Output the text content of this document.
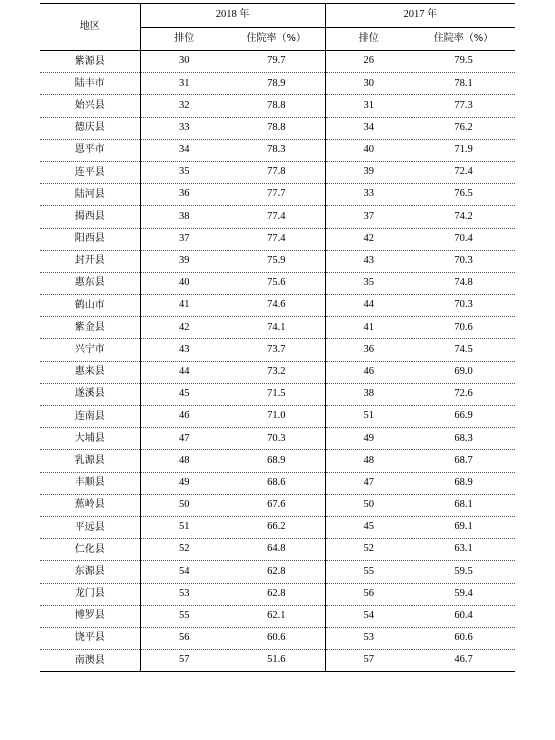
地区	2018 年		2017 年	
	排位	住院率（%）	排位	住院率（%）
紫源县	30	79.7	26	79.5
陆丰市	31	78.9	30	78.1
始兴县	32	78.8	31	77.3
德庆县	33	78.8	34	76.2
恩平市	34	78.3	40	71.9
连平县	35	77.8	39	72.4
陆河县	36	77.7	33	76.5
揭西县	38	77.4	37	74.2
阳西县	37	77.4	42	70.4
封开县	39	75.9	43	70.3
惠东县	40	75.6	35	74.8
鹤山市	41	74.6	44	70.3
紫金县	42	74.1	41	70.6
兴宁市	43	73.7	36	74.5
惠来县	44	73.2	46	69.0
遂溪县	45	71.5	38	72.6
连南县	46	71.0	51	66.9
大埔县	47	70.3	49	68.3
乳源县	48	68.9	48	68.7
丰顺县	49	68.6	47	68.9
蕉岭县	50	67.6	50	68.1
平远县	51	66.2	45	69.1
仁化县	52	64.8	52	63.1
东源县	54	62.8	55	59.5
龙门县	53	62.8	56	59.4
博罗县	55	62.1	54	60.4
饶平县	56	60.6	53	60.6
南澳县	57	51.6	57	46.7
